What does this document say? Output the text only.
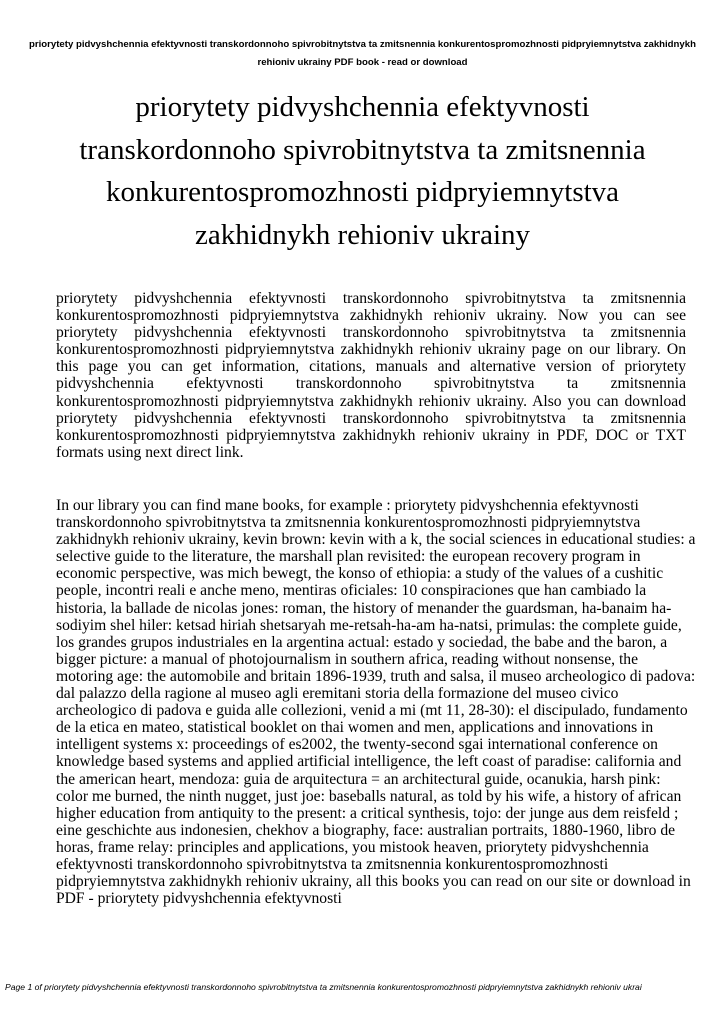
priorytety pidvyshchennia efektyvnosti transkordonnoho spivrobitnytstva ta zmitsnennia konkurentospromozhnosti pidpryiemnytstva zakhidnykh rehioniv ukrainy PDF book - read or download
priorytety pidvyshchennia efektyvnosti transkordonnoho spivrobitnytstva ta zmitsnennia konkurentospromozhnosti pidpryiemnytstva zakhidnykh rehioniv ukrainy

priorytety pidvyshchennia efektyvnosti transkordonnoho spivrobitnytstva ta zmitsnennia konkurentospromozhnosti pidpryiemnytstva zakhidnykh rehioniv ukrainy. Now you can see priorytety pidvyshchennia efektyvnosti transkordonnoho spivrobitnytstva ta zmitsnennia konkurentospromozhnosti pidpryiemnytstva zakhidnykh rehioniv ukrainy page on our library. On this page you can get information, citations, manuals and alternative version of priorytety pidvyshchennia efektyvnosti transkordonnoho spivrobitnytstva ta zmitsnennia konkurentospromozhnosti pidpryiemnytstva zakhidnykh rehioniv ukrainy. Also you can download priorytety pidvyshchennia efektyvnosti transkordonnoho spivrobitnytstva ta zmitsnennia konkurentospromozhnosti pidpryiemnytstva zakhidnykh rehioniv ukrainy in PDF, DOC or TXT formats using next direct link.

In our library you can find mane books, for example : priorytety pidvyshchennia efektyvnosti transkordonnoho spivrobitnytstva ta zmitsnennia konkurentospromozhnosti pidpryiemnytstva zakhidnykh rehioniv ukrainy, kevin brown: kevin with a k, the social sciences in educational studies: a selective guide to the literature, the marshall plan revisited: the european recovery program in economic perspective, was mich bewegt, the konso of ethiopia: a study of the values of a cushitic people, incontri reali e anche meno, mentiras oficiales: 10 conspiraciones que han cambiado la historia, la ballade de nicolas jones: roman, the history of menander the guardsman, ha-banaim ha-sodiyim shel hiler: ketsad hiriah shetsaryah me-retsah-ha-am ha-natsi, primulas: the complete guide, los grandes grupos industriales en la argentina actual: estado y sociedad, the babe and the baron, a bigger picture: a manual of photojournalism in southern africa, reading without nonsense, the motoring age: the automobile and britain 1896-1939, truth and salsa, il museo archeologico di padova: dal palazzo della ragione al museo agli eremitani storia della formazione del museo civico archeologico di padova e guida alle collezioni, venid a mi (mt 11, 28-30): el discipulado, fundamento de la etica en mateo, statistical booklet on thai women and men, applications and innovations in intelligent systems x: proceedings of es2002, the twenty-second sgai international conference on knowledge based systems and applied artificial intelligence, the left coast of paradise: california and the american heart, mendoza: guia de arquitectura = an architectural guide, ocanukia, harsh pink: color me burned, the ninth nugget, just joe: baseballs natural, as told by his wife, a history of african higher education from antiquity to the present: a critical synthesis, tojo: der junge aus dem reisfeld ; eine geschichte aus indonesien, chekhov a biography, face: australian portraits, 1880-1960, libro de horas, frame relay: principles and applications, you mistook heaven, priorytety pidvyshchennia efektyvnosti transkordonnoho spivrobitnytstva ta zmitsnennia konkurentospromozhnosti pidpryiemnytstva zakhidnykh rehioniv ukrainy, all this books you can read on our site or download in PDF - priorytety pidvyshchennia efektyvnosti

Page 1 of priorytety pidvyshchennia efektyvnosti transkordonnoho spivrobitnytstva ta zmitsnennia konkurentospromozhnosti pidpryiemnytstva zakhidnykh rehioniv ukrai
